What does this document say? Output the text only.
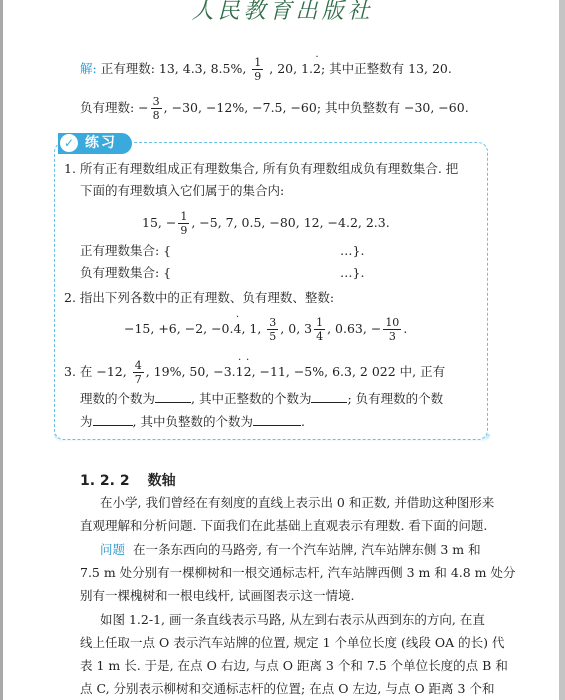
人民教育出版社
解: 正有理数: 13, 4.3, 8.5%, $\frac{1}{9}$ , 20, 1.2 ˙; 其中正整数有 13, 20.
负有理数: − $\frac{3}{8}$ , −30, −12%, −7.5, −60; 其中负整数有 −30, −60.
✓ 练习
1. 所有正有理数组成正有理数集合, 所有负有理数组成负有理数集合. 把
下面的有理数填入它们属于的集合内:
15, − $\frac{1}{9}$ , −5, 7, 0.5, −80, 12, −4.2, 2.3.
正有理数集合: {	…}.
负有理数集合: {	…}.
2. 指出下列各数中的正有理数、负有理数、整数:
−15, +6, −2, −0.4 ˙, 1, $\frac{3}{5}$ , 0, $3 \frac{1}{4}$ , 0.63, − $\frac{10}{3}$ .
3. 在 −12, $\frac{4}{7}$ , 19%, 50, −3.1 ˙2 ˙, −11, −5%, 6.3, 2 022 中, 正有
理数的个数为	, 其中正整数的个数为	; 负有理数的个数
为	, 其中负整数的个数为	.
1. 2. 2 数轴
在小学, 我们曾经在有刻度的直线上表示出 0 和正数, 并借助这种图形来
直观理解和分析问题. 下面我们在此基础上直观表示有理数. 看下面的问题.
问题 在一条东西向的马路旁, 有一个汽车站牌, 汽车站牌东侧 3 m 和
7.5 m 处分别有一棵柳树和一根交通标志杆, 汽车站牌西侧 3 m 和 4.8 m 处分
别有一棵槐树和一根电线杆, 试画图表示这一情境.
如图 1.2-1, 画一条直线表示马路, 从左到右表示从西到东的方向, 在直
线上任取一点 O 表示汽车站牌的位置, 规定 1 个单位长度 (线段 OA 的长) 代
表 1 m 长. 于是, 在点 O 右边, 与点 O 距离 3 个和 7.5 个单位长度的点 B 和
点 C, 分别表示柳树和交通标志杆的位置; 在点 O 左边, 与点 O 距离 3 个和
